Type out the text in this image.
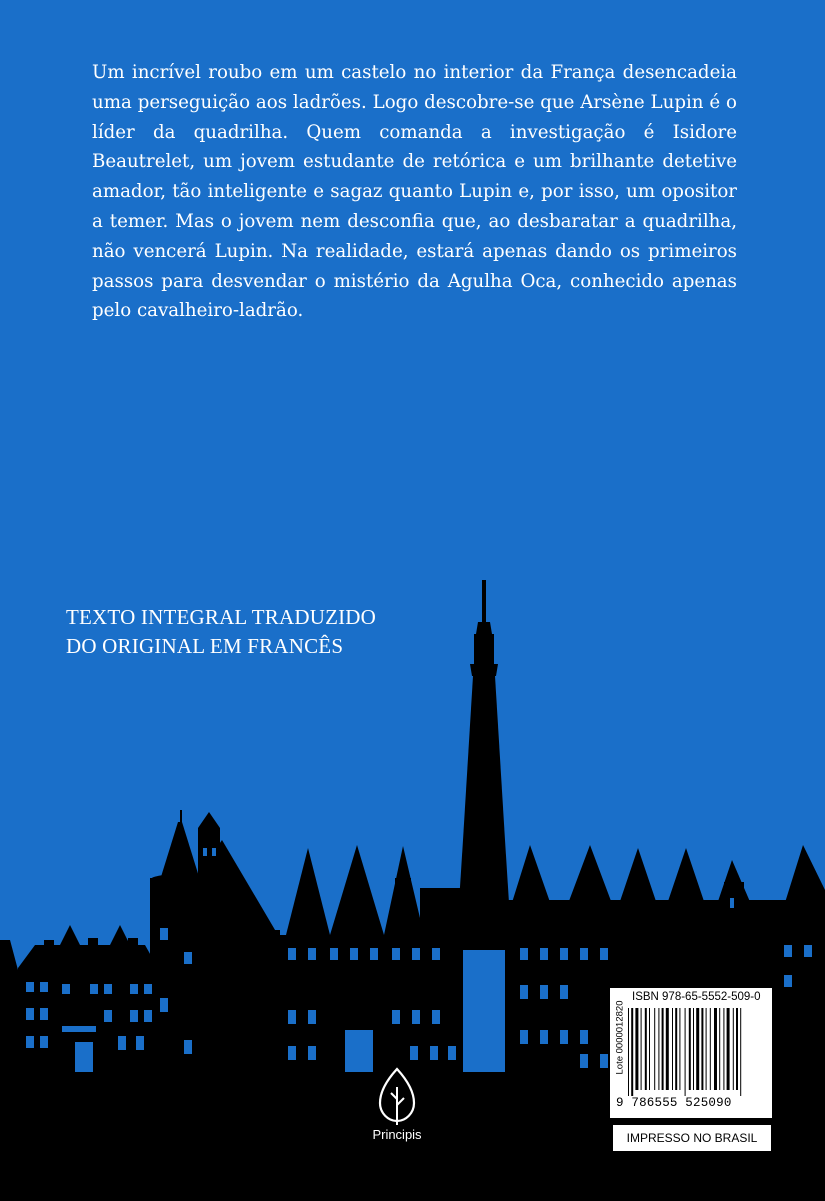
Um incrível roubo em um castelo no interior da França desencadeia uma perseguição aos ladrões. Logo descobre-se que Arsène Lupin é o líder da quadrilha. Quem comanda a investigação é Isidore Beautrelet, um jovem estudante de retórica e um brilhante detetive amador, tão inteligente e sagaz quanto Lupin e, por isso, um opositor a temer. Mas o jovem nem desconfia que, ao desbaratar a quadrilha, não vencerá Lupin. Na realidade, estará apenas dando os primeiros passos para desvendar o mistério da Agulha Oca, conhecido apenas pelo cavalheiro-ladrão.

TEXTO INTEGRAL TRADUZIDO
DO ORIGINAL EM FRANCÊS
Principis
ISBN 978-65-5552-509-0
Lote 0000012820
9 786555 525090
IMPRESSO NO BRASIL
